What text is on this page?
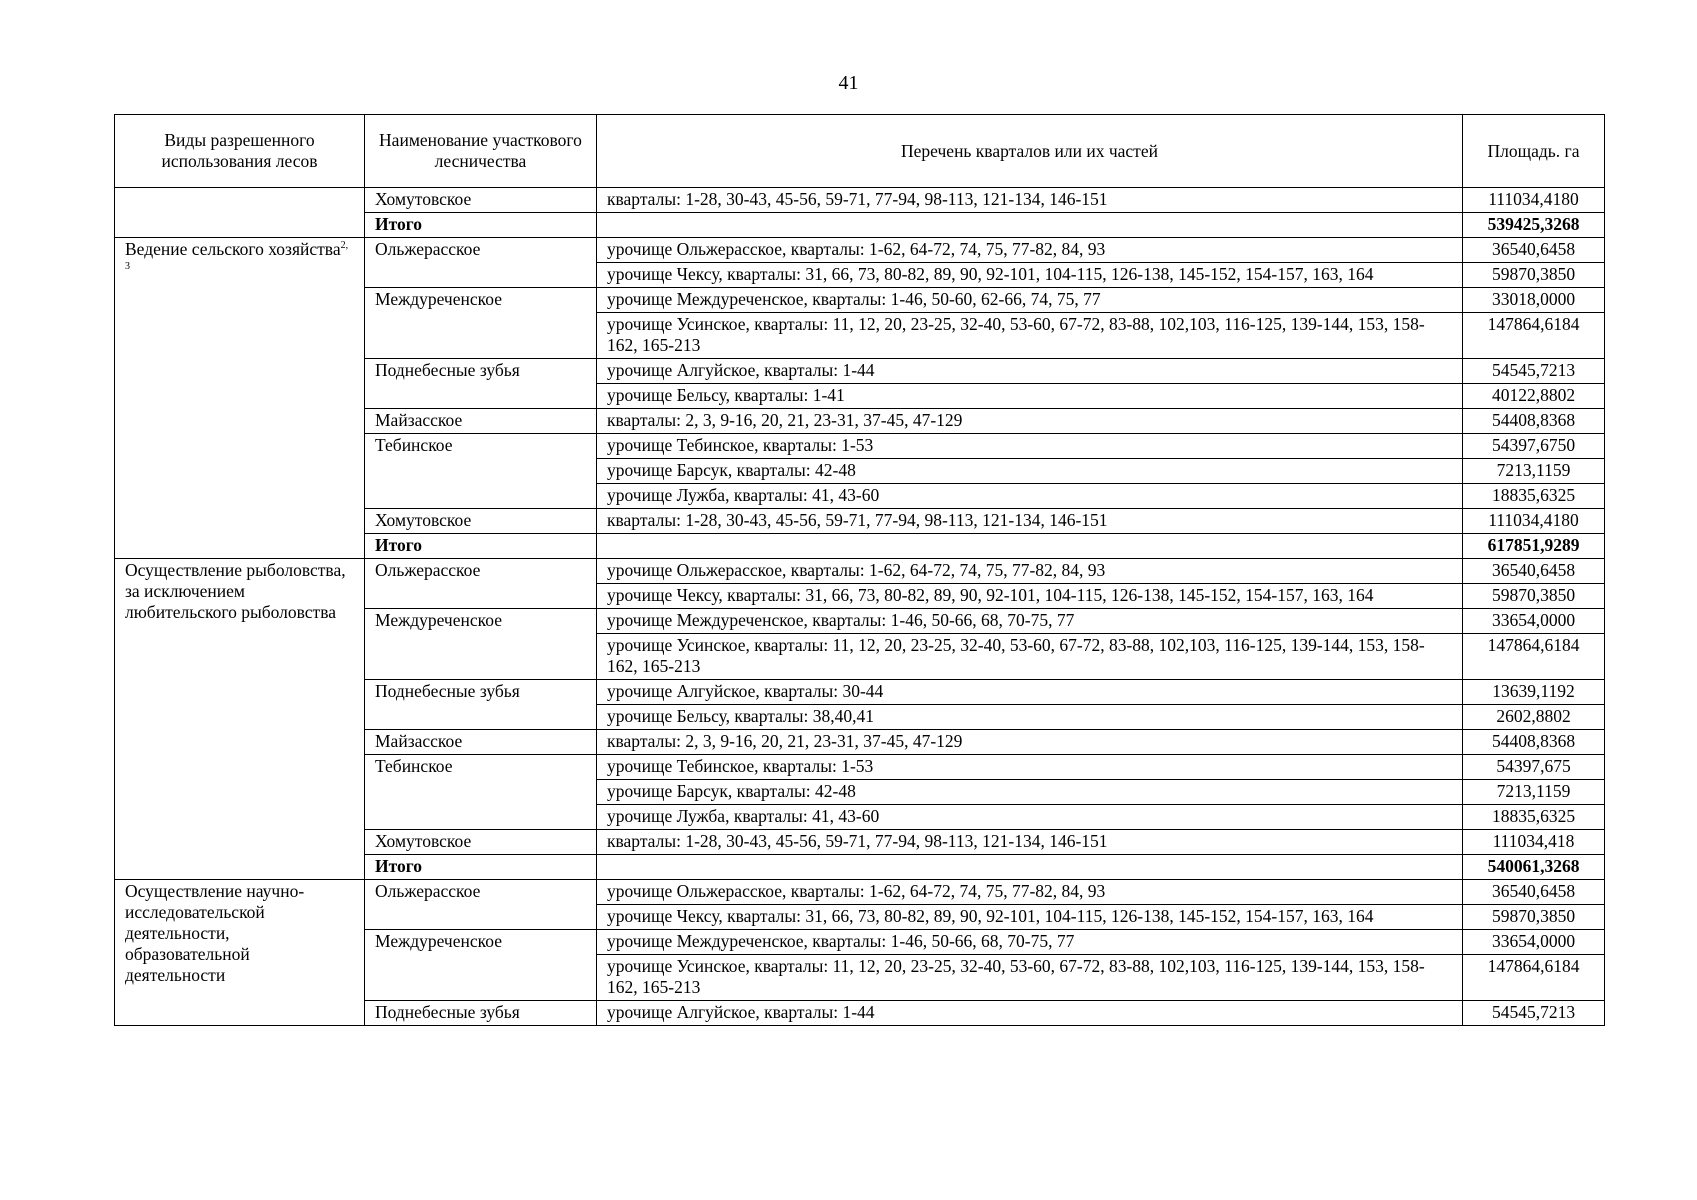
41
Виды разрешенного использования лесов	Наименование участкового лесничества	Перечень кварталов или их частей	Площадь. га
	Хомутовское	кварталы: 1-28, 30-43, 45-56, 59-71, 77-94, 98-113, 121-134, 146-151	111034,4180
	Итого		539425,3268
Ведение сельского хозяйства$^{2, 3}$	Ольжерасское	урочище Ольжерасское, кварталы: 1-62, 64-72, 74, 75, 77-82, 84, 93	36540,6458
		урочище Чексу, кварталы: 31, 66, 73, 80-82, 89, 90, 92-101, 104-115, 126-138, 145-152, 154-157, 163, 164	59870,3850
	Междуреченское	урочище Междуреченское, кварталы: 1-46, 50-60, 62-66, 74, 75, 77	33018,0000
		урочище Усинское, кварталы: 11, 12, 20, 23-25, 32-40, 53-60, 67-72, 83-88, 102,103, 116-125, 139-144, 153, 158-162, 165-213	147864,6184
	Поднебесные зубья	урочище Алгуйское, кварталы: 1-44	54545,7213
		урочище Бельсу, кварталы: 1-41	40122,8802
	Майзасское	кварталы: 2, 3, 9-16, 20, 21, 23-31, 37-45, 47-129	54408,8368
	Тебинское	урочище Тебинское, кварталы: 1-53	54397,6750
		урочище Барсук, кварталы: 42-48	7213,1159
		урочище Лужба, кварталы: 41, 43-60	18835,6325
	Хомутовское	кварталы: 1-28, 30-43, 45-56, 59-71, 77-94, 98-113, 121-134, 146-151	111034,4180
	Итого		617851,9289
Осуществление рыболовства, за исключением любительского рыболовства	Ольжерасское	урочище Ольжерасское, кварталы: 1-62, 64-72, 74, 75, 77-82, 84, 93	36540,6458
		урочище Чексу, кварталы: 31, 66, 73, 80-82, 89, 90, 92-101, 104-115, 126-138, 145-152, 154-157, 163, 164	59870,3850
	Междуреченское	урочище Междуреченское, кварталы: 1-46, 50-66, 68, 70-75, 77	33654,0000
		урочище Усинское, кварталы: 11, 12, 20, 23-25, 32-40, 53-60, 67-72, 83-88, 102,103, 116-125, 139-144, 153, 158-162, 165-213	147864,6184
	Поднебесные зубья	урочище Алгуйское, кварталы: 30-44	13639,1192
		урочище Бельсу, кварталы: 38,40,41	2602,8802
	Майзасское	кварталы: 2, 3, 9-16, 20, 21, 23-31, 37-45, 47-129	54408,8368
	Тебинское	урочище Тебинское, кварталы: 1-53	54397,675
		урочище Барсук, кварталы: 42-48	7213,1159
		урочище Лужба, кварталы: 41, 43-60	18835,6325
	Хомутовское	кварталы: 1-28, 30-43, 45-56, 59-71, 77-94, 98-113, 121-134, 146-151	111034,418
	Итого		540061,3268
Осуществление научно-исследовательской деятельности, образовательной деятельности	Ольжерасское	урочище Ольжерасское, кварталы: 1-62, 64-72, 74, 75, 77-82, 84, 93	36540,6458
		урочище Чексу, кварталы: 31, 66, 73, 80-82, 89, 90, 92-101, 104-115, 126-138, 145-152, 154-157, 163, 164	59870,3850
	Междуреченское	урочище Междуреченское, кварталы: 1-46, 50-66, 68, 70-75, 77	33654,0000
		урочище Усинское, кварталы: 11, 12, 20, 23-25, 32-40, 53-60, 67-72, 83-88, 102,103, 116-125, 139-144, 153, 158-162, 165-213	147864,6184
	Поднебесные зубья	урочище Алгуйское, кварталы: 1-44	54545,7213
